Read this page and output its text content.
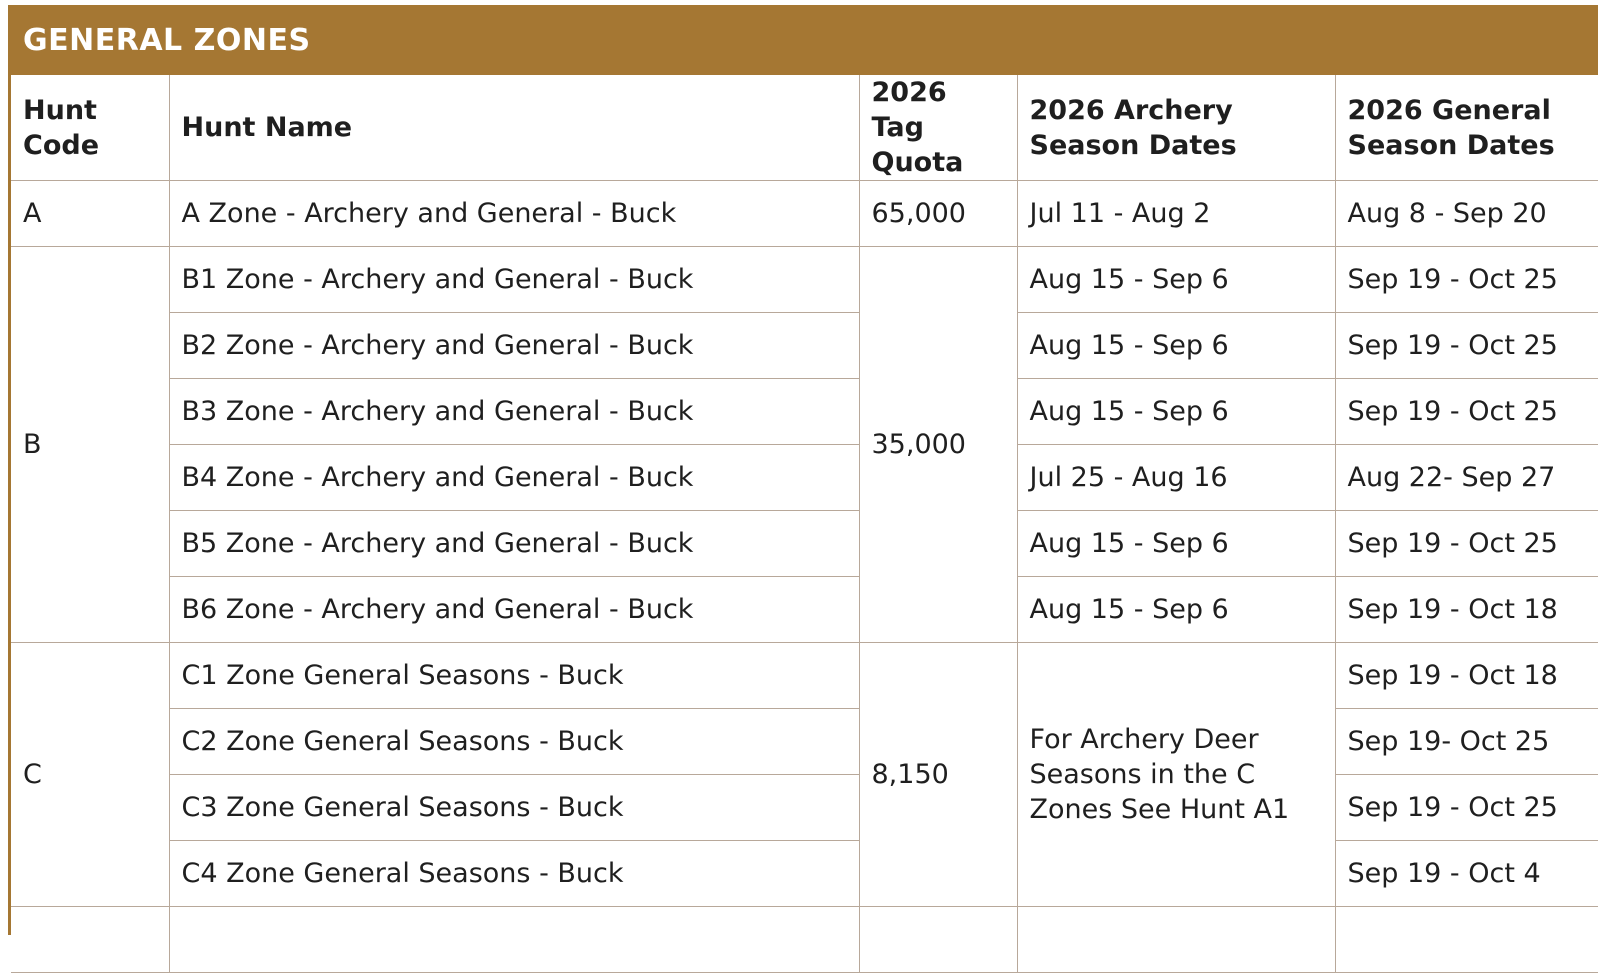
GENERAL ZONES
Hunt Code	Hunt Name	2026 Tag Quota	2026 Archery Season Dates	2026 General Season Dates
A	A Zone - Archery and General - Buck	65,000	Jul 11 - Aug 2	Aug 8 - Sep 20
B	B1 Zone - Archery and General - Buck	35,000	Aug 15 - Sep 6	Sep 19 - Oct 25
	B2 Zone - Archery and General - Buck		Aug 15 - Sep 6	Sep 19 - Oct 25
	B3 Zone - Archery and General - Buck		Aug 15 - Sep 6	Sep 19 - Oct 25
	B4 Zone - Archery and General - Buck		Jul 25 - Aug 16	Aug 22- Sep 27
	B5 Zone - Archery and General - Buck		Aug 15 - Sep 6	Sep 19 - Oct 25
	B6 Zone - Archery and General - Buck		Aug 15 - Sep 6	Sep 19 - Oct 18
C	C1 Zone General Seasons - Buck	8,150	For Archery Deer Seasons in the C Zones See Hunt A1	Sep 19 - Oct 18
	C2 Zone General Seasons - Buck			Sep 19- Oct 25
	C3 Zone General Seasons - Buck			Sep 19 - Oct 25
	C4 Zone General Seasons - Buck			Sep 19 - Oct 4
